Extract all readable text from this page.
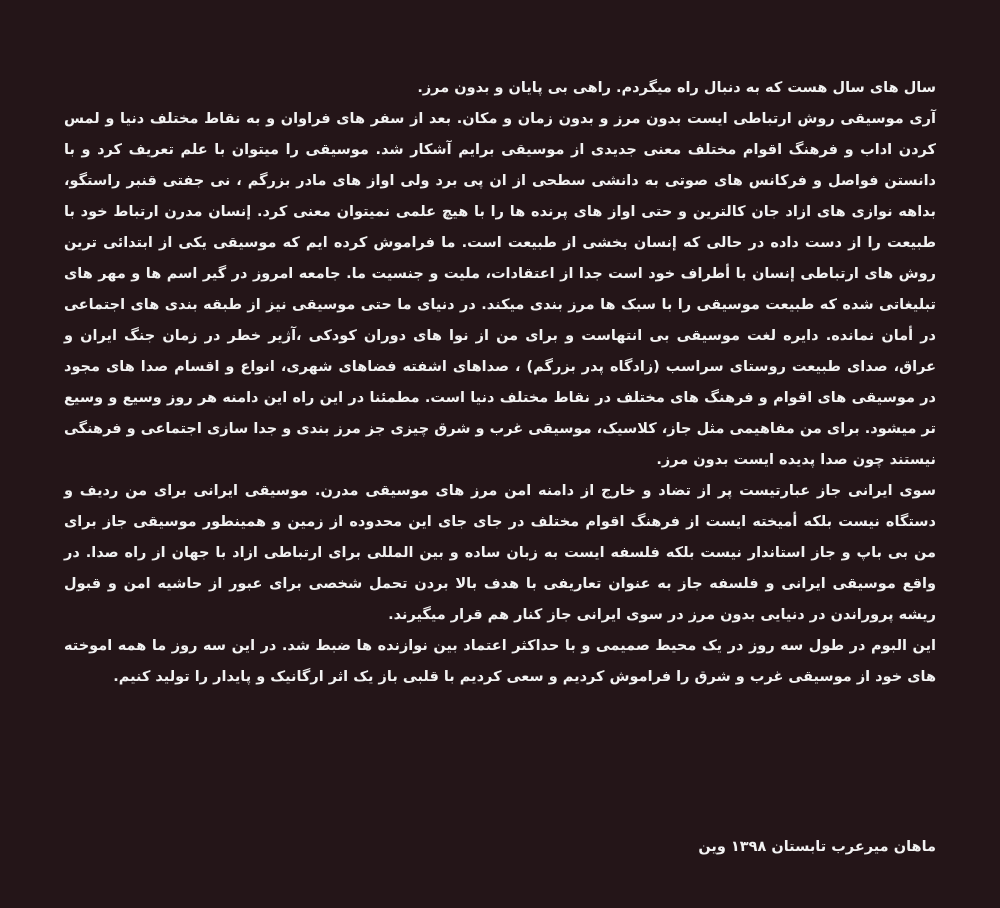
سال های سال هست که به دنبال راه میگردم. راهی بی پایان و بدون مرز.

آری موسیقی روش ارتباطی ایست بدون مرز و بدون زمان و مکان. بعد از سفر های فراوان و به نقاط مختلف دنیا و لمس کردن اداب و فرهنگ اقوام مختلف معنی جدیدی از موسیقی برایم آشکار شد. موسیقی را میتوان با علم تعریف کرد و با دانستن فواصل و فرکانس های صوتی به دانشی سطحی از ان پی برد ولی اواز های مادر بزرگم ، نی جفتی قنبر راستگو، بداهه نوازی های ازاد جان کالترین و حتی اواز های پرنده ها را با هیچ علمی نمیتوان معنی کرد. إنسان مدرن ارتباط خود با طبیعت را از دست داده در حالی که إنسان بخشی از طبیعت است. ما فراموش کرده ایم که موسیقی یکی از ابتدائی ترین روش های ارتباطی إنسان با أطراف خود است جدا از اعتقادات، ملیت و جنسیت ما. جامعه امروز در گیر اسم ها و مهر های تبلیغاتی شده که طبیعت موسیقی را با سبک ها مرز بندی میکند. در دنیای ما حتی موسیقی نیز از طبقه بندی های اجتماعی در أمان نمانده. دایره لغت موسیقی بی انتهاست و برای من از نوا های دوران کودکی ،آژیر خطر در زمان جنگ ایران و عراق، صدای طبیعت روستای سراسب (زادگاه پدر بزرگم) ، صداهای اشفته فضاهای شهری، انواع و اقسام صدا های مجود در موسیقی های اقوام و فرهنگ های مختلف در نقاط مختلف دنیا است. مطمئنا در این راه این دامنه هر روز وسیع و وسیع تر میشود. برای من مفاهیمی مثل جاز، کلاسیک، موسیقی غرب و شرق چیزی جز مرز بندی و جدا سازی اجتماعی و فرهنگی نیستند چون صدا پدیده ایست بدون مرز.

سوی ایرانی جاز عبارتیست پر از تضاد و خارج از دامنه امن مرز های موسیقی مدرن. موسیقی ایرانی برای من ردیف و دستگاه نیست بلکه أمیخته ایست از فرهنگ اقوام مختلف در جای جای این محدوده از زمین و همینطور موسیقی جاز برای من بی باپ و جاز استاندار نیست بلکه فلسفه ایست به زبان ساده و بین المللی برای ارتباطی ازاد با جهان از راه صدا. در واقع موسیقی ایرانی و فلسفه جاز به عنوان تعاریفی با هدف بالا بردن تحمل شخصی برای عبور از حاشیه امن و قبول ریشه پروراندن در دنیایی بدون مرز در سوی ایرانی جاز کنار هم قرار میگیرند.

این البوم در طول سه روز در یک محیط صمیمی و با حداکثر اعتماد بین نوازنده ها ضبط شد. در این سه روز ما همه اموخته های خود از موسیقی غرب و شرق را فراموش کردیم و سعی کردیم با قلبی باز یک اثر ارگانیک و پایدار را تولید کنیم.

ماهان میرعرب تابستان ۱۳۹۸ وین
